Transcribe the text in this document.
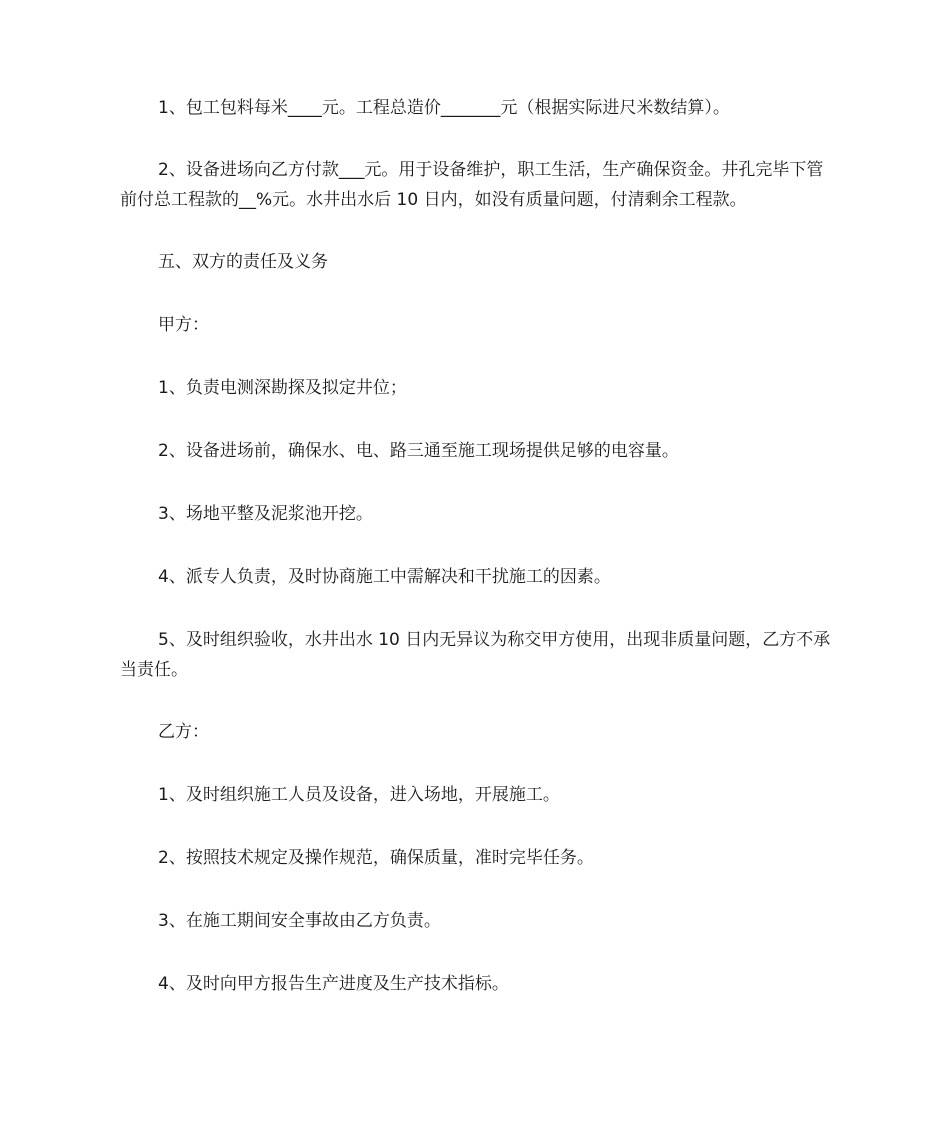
1、包工包料每米____元。工程总造价_______元（根据实际进尺米数结算）。

2、设备进场向乙方付款___元。用于设备维护，职工生活，生产确保资金。井孔完毕下管前付总工程款的__%元。水井出水后 10 日内，如没有质量问题，付清剩余工程款。

五、双方的责任及义务

甲方：

1、负责电测深勘探及拟定井位；

2、设备进场前，确保水、电、路三通至施工现场提供足够的电容量。

3、场地平整及泥浆池开挖。

4、派专人负责，及时协商施工中需解决和干扰施工的因素。

5、及时组织验收，水井出水 10 日内无异议为称交甲方使用，出现非质量问题，乙方不承当责任。

乙方：

1、及时组织施工人员及设备，进入场地，开展施工。

2、按照技术规定及操作规范，确保质量，准时完毕任务。

3、在施工期间安全事故由乙方负责。

4、及时向甲方报告生产进度及生产技术指标。
